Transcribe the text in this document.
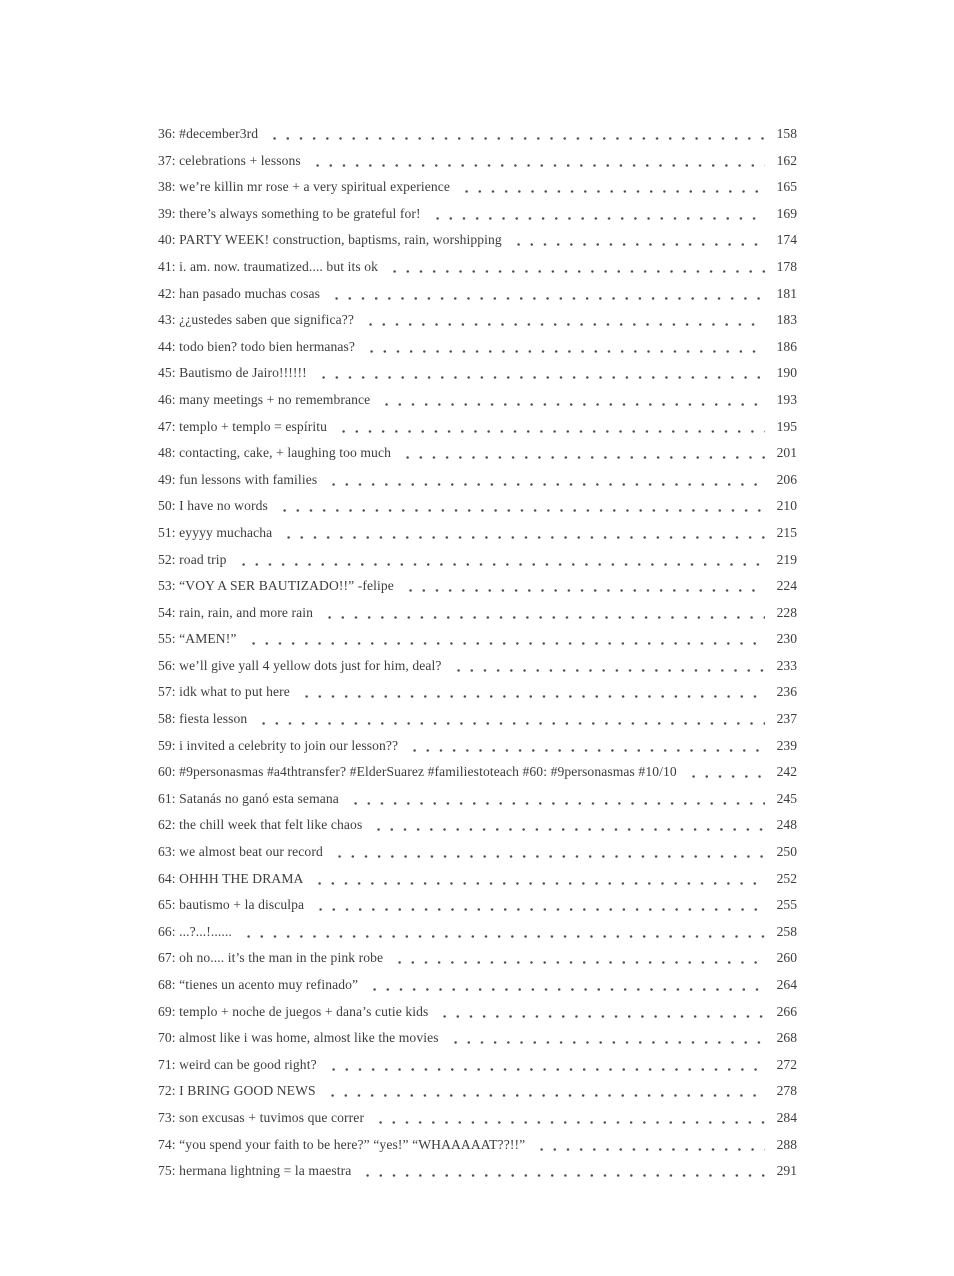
36: #december3rd	158
37: celebrations + lessons	162
38: we’re killin mr rose + a very spiritual experience	165
39: there’s always something to be grateful for!	169
40: PARTY WEEK! construction, baptisms, rain, worshipping	174
41: i. am. now. traumatized.... but its ok	178
42: han pasado muchas cosas	181
43: ¿¿ustedes saben que significa??	183
44: todo bien? todo bien hermanas?	186
45: Bautismo de Jairo!!!!!!	190
46: many meetings + no remembrance	193
47: templo + templo = espíritu	195
48: contacting, cake, + laughing too much	201
49: fun lessons with families	206
50: I have no words	210
51: eyyyy muchacha	215
52: road trip	219
53: “VOY A SER BAUTIZADO!!” -felipe	224
54: rain, rain, and more rain	228
55: “AMEN!”	230
56: we’ll give yall 4 yellow dots just for him, deal?	233
57: idk what to put here	236
58: fiesta lesson	237
59: i invited a celebrity to join our lesson??	239
60: #9personasmas #a4thtransfer? #ElderSuarez #familiestoteach #60: #9personasmas #10/10	242
61: Satanás no ganó esta semana	245
62: the chill week that felt like chaos	248
63: we almost beat our record	250
64: OHHH THE DRAMA	252
65: bautismo + la disculpa	255
66: ...?...!......	258
67: oh no.... it’s the man in the pink robe	260
68: “tienes un acento muy refinado”	264
69: templo + noche de juegos + dana’s cutie kids	266
70: almost like i was home, almost like the movies	268
71: weird can be good right?	272
72: I BRING GOOD NEWS	278
73: son excusas + tuvimos que correr	284
74: “you spend your faith to be here?” “yes!” “WHAAAAAT??!!”	288
75: hermana lightning = la maestra	291
